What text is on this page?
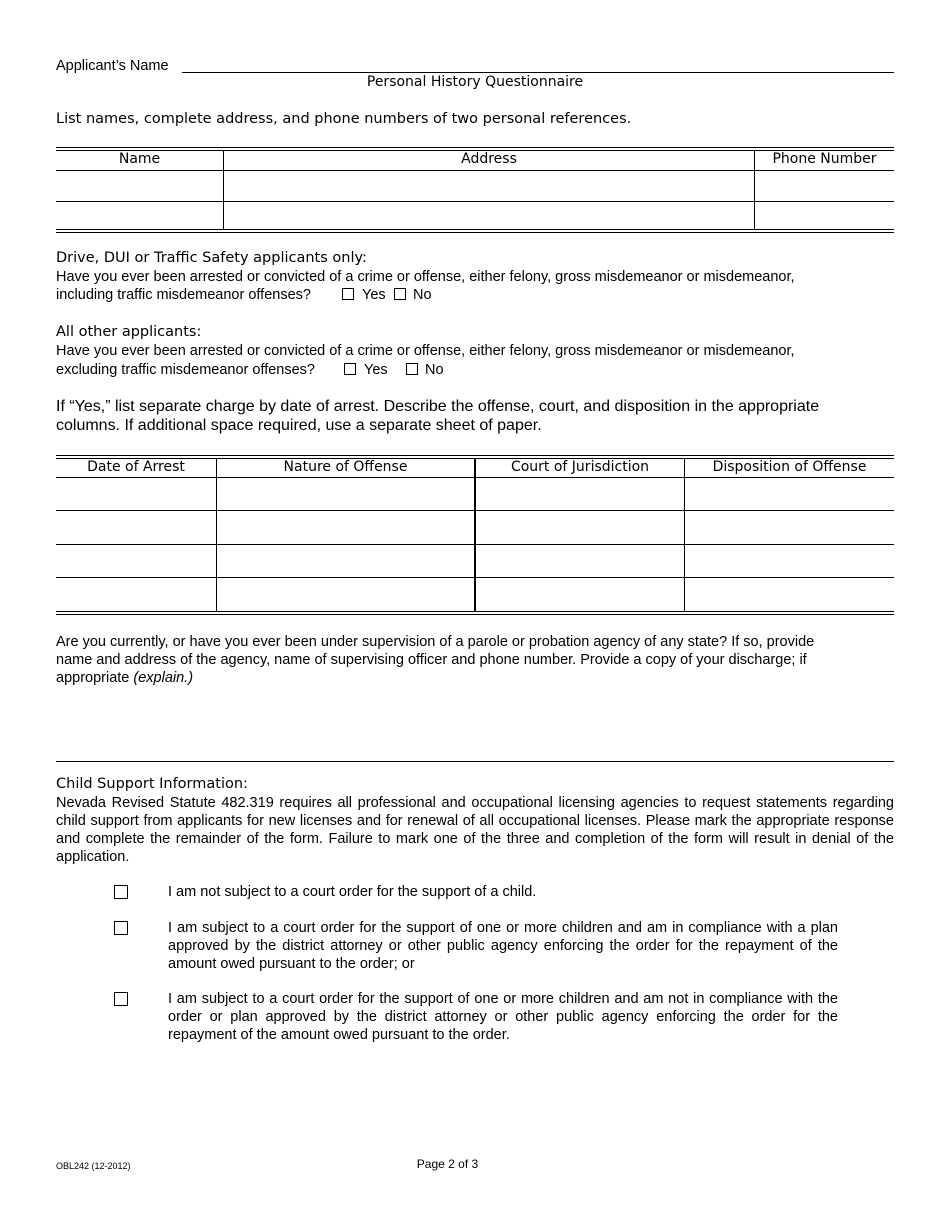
Applicant’s Name
Personal History Questionnaire
List names, complete address, and phone numbers of two personal references.
Name	Address	Phone Number
Drive, DUI or Traffic Safety applicants only:
Have you ever been arrested or convicted of a crime or offense, either felony, gross misdemeanor or misdemeanor,
including traffic misdemeanor offenses?	Yes No
All other applicants:
Have you ever been arrested or convicted of a crime or offense, either felony, gross misdemeanor or misdemeanor,
excluding traffic misdemeanor offenses?	Yes	No
If “Yes,” list separate charge by date of arrest. Describe the offense, court, and disposition in the appropriate
columns. If additional space required, use a separate sheet of paper.
Date of Arrest	Nature of Offense	Court of Jurisdiction	Disposition of Offense
Are you currently, or have you ever been under supervision of a parole or probation agency of any state? If so, provide
name and address of the agency, name of supervising officer and phone number. Provide a copy of your discharge; if
appropriate (explain.)
Child Support Information:
Nevada Revised Statute 482.319 requires all professional and occupational licensing agencies to request statements regarding child support from applicants for new licenses and for renewal of all occupational licenses. Please mark the appropriate response and complete the remainder of the form. Failure to mark one of the three and completion of the form will result in denial of the application.
I am not subject to a court order for the support of a child.
I am subject to a court order for the support of one or more children and am in compliance with a plan approved by the district attorney or other public agency enforcing the order for the repayment of the amount owed pursuant to the order; or
I am subject to a court order for the support of one or more children and am not in compliance with the order or plan approved by the district attorney or other public agency enforcing the order for the repayment of the amount owed pursuant to the order.
OBL242 (12-2012)	Page 2 of 3
